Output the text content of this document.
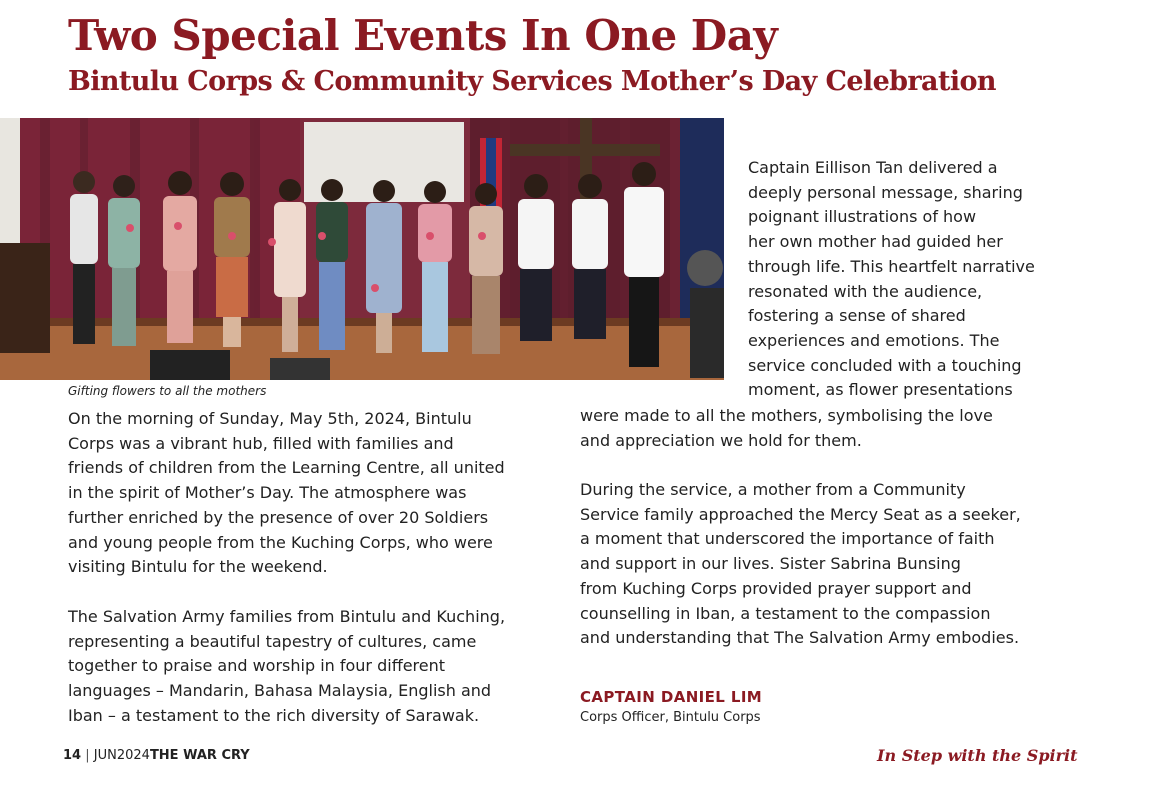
Two Special Events In One Day
Bintulu Corps & Community Services Mother’s Day Celebration
Gifting flowers to all the mothers
On the morning of Sunday, May 5th, 2024, Bintulu
Corps was a vibrant hub, filled with families and
friends of children from the Learning Centre, all united
in the spirit of Mother’s Day. The atmosphere was
further enriched by the presence of over 20 Soldiers
and young people from the Kuching Corps, who were
visiting Bintulu for the weekend.
The Salvation Army families from Bintulu and Kuching,
representing a beautiful tapestry of cultures, came
together to praise and worship in four different
languages – Mandarin, Bahasa Malaysia, English and
Iban – a testament to the rich diversity of Sarawak.
Captain Eillison Tan delivered a
deeply personal message, sharing
poignant illustrations of how
her own mother had guided her
through life. This heartfelt narrative
resonated with the audience,
fostering a sense of shared
experiences and emotions. The
service concluded with a touching
moment, as flower presentations
were made to all the mothers, symbolising the love
and appreciation we hold for them.
During the service, a mother from a Community
Service family approached the Mercy Seat as a seeker,
a moment that underscored the importance of faith
and support in our lives. Sister Sabrina Bunsing
from Kuching Corps provided prayer support and
counselling in Iban, a testament to the compassion
and understanding that The Salvation Army embodies.
CAPTAIN DANIEL LIM
Corps Officer, Bintulu Corps
14 | JUN2024THE WAR CRY	In Step with the Spirit
